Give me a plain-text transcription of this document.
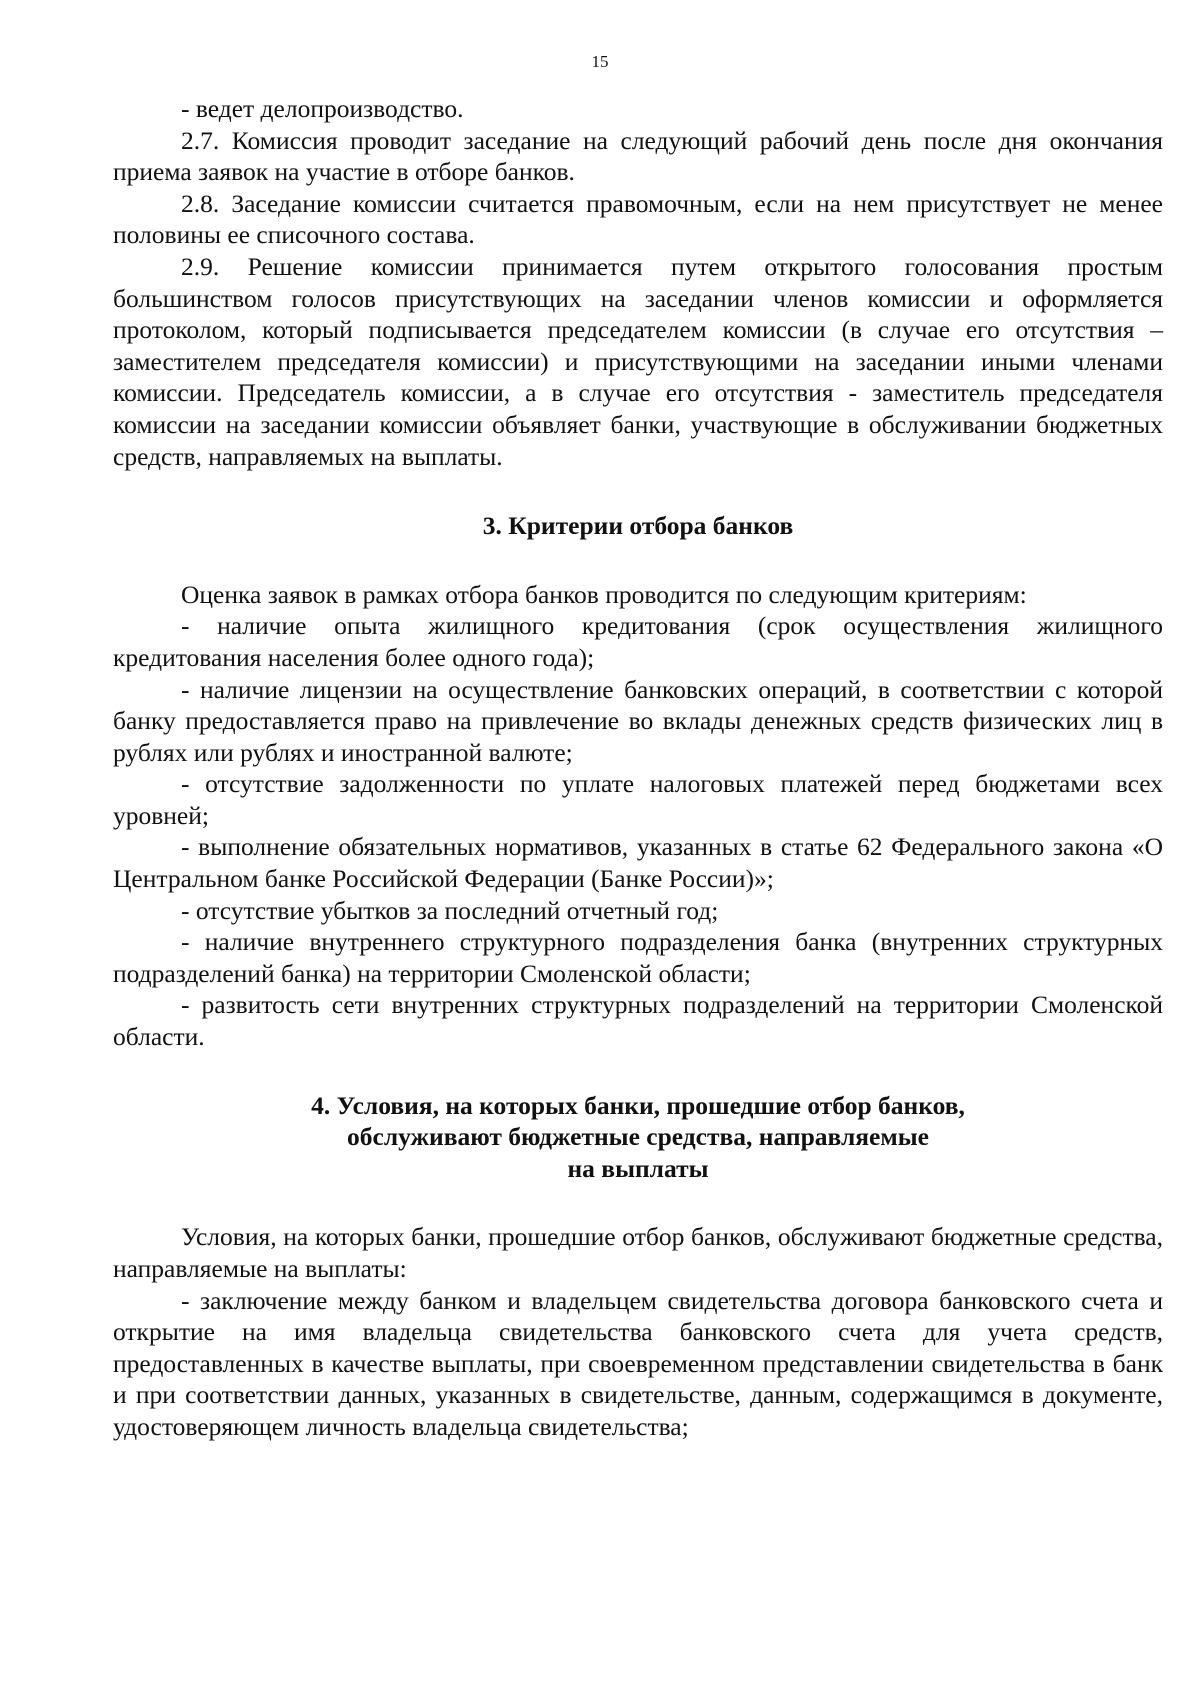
15

- ведет делопроизводство.

2.7. Комиссия проводит заседание на следующий рабочий день после дня окончания приема заявок на участие в отборе банков.

2.8. Заседание комиссии считается правомочным, если на нем присутствует не менее половины ее списочного состава.

2.9. Решение комиссии принимается путем открытого голосования простым большинством голосов присутствующих на заседании членов комиссии и оформляется протоколом, который подписывается председателем комиссии (в случае его отсутствия – заместителем председателя комиссии) и присутствующими на заседании иными членами комиссии. Председатель комиссии, а в случае его отсутствия - заместитель председателя комиссии на заседании комиссии объявляет банки, участвующие в обслуживании бюджетных средств, направляемых на выплаты.

3. Критерии отбора банков

Оценка заявок в рамках отбора банков проводится по следующим критериям:

- наличие опыта жилищного кредитования (срок осуществления жилищного кредитования населения более одного года);

- наличие лицензии на осуществление банковских операций, в соответствии с которой банку предоставляется право на привлечение во вклады денежных средств физических лиц в рублях или рублях и иностранной валюте;

- отсутствие задолженности по уплате налоговых платежей перед бюджетами всех уровней;

- выполнение обязательных нормативов, указанных в статье 62 Федерального закона «О Центральном банке Российской Федерации (Банке России)»;

- отсутствие убытков за последний отчетный год;

- наличие внутреннего структурного подразделения банка (внутренних структурных подразделений банка) на территории Смоленской области;

- развитость сети внутренних структурных подразделений на территории Смоленской области.

4. Условия, на которых банки, прошедшие отбор банков,

обслуживают бюджетные средства, направляемые

на выплаты

Условия, на которых банки, прошедшие отбор банков, обслуживают бюджетные средства, направляемые на выплаты:

- заключение между банком и владельцем свидетельства договора банковского счета и открытие на имя владельца свидетельства банковского счета для учета средств, предоставленных в качестве выплаты, при своевременном представлении свидетельства в банк и при соответствии данных, указанных в свидетельстве, данным, содержащимся в документе, удостоверяющем личность владельца свидетельства;
